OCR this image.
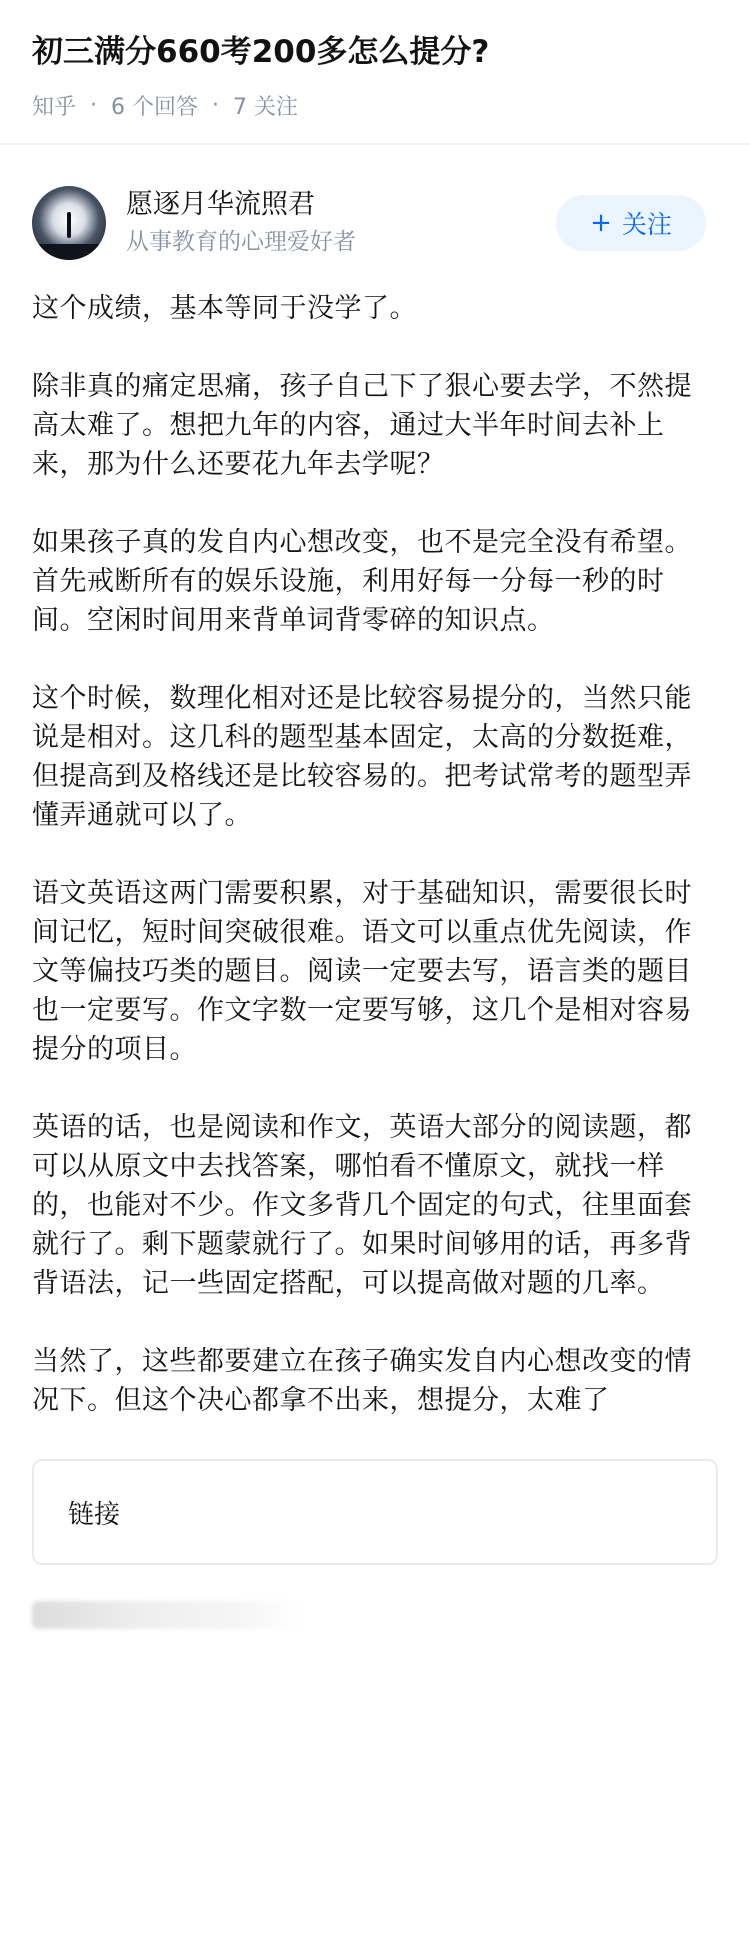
初三满分660考200多怎么提分?
知乎 · 6 个回答 · 7 关注
愿逐月华流照君
从事教育的心理爱好者
+ 关注

这个成绩，基本等同于没学了。

除非真的痛定思痛，孩子自己下了狠心要去学，不然提高太难了。想把九年的内容，通过大半年时间去补上来，那为什么还要花九年去学呢？

如果孩子真的发自内心想改变，也不是完全没有希望。首先戒断所有的娱乐设施，利用好每一分每一秒的时间。空闲时间用来背单词背零碎的知识点。

这个时候，数理化相对还是比较容易提分的，当然只能说是相对。这几科的题型基本固定，太高的分数挺难，但提高到及格线还是比较容易的。把考试常考的题型弄懂弄通就可以了。

语文英语这两门需要积累，对于基础知识，需要很长时间记忆，短时间突破很难。语文可以重点优先阅读，作文等偏技巧类的题目。阅读一定要去写，语言类的题目也一定要写。作文字数一定要写够，这几个是相对容易提分的项目。

英语的话，也是阅读和作文，英语大部分的阅读题，都可以从原文中去找答案，哪怕看不懂原文，就找一样的，也能对不少。作文多背几个固定的句式，往里面套就行了。剩下题蒙就行了。如果时间够用的话，再多背背语法，记一些固定搭配，可以提高做对题的几率。

当然了，这些都要建立在孩子确实发自内心想改变的情况下。但这个决心都拿不出来，想提分，太难了

链接
